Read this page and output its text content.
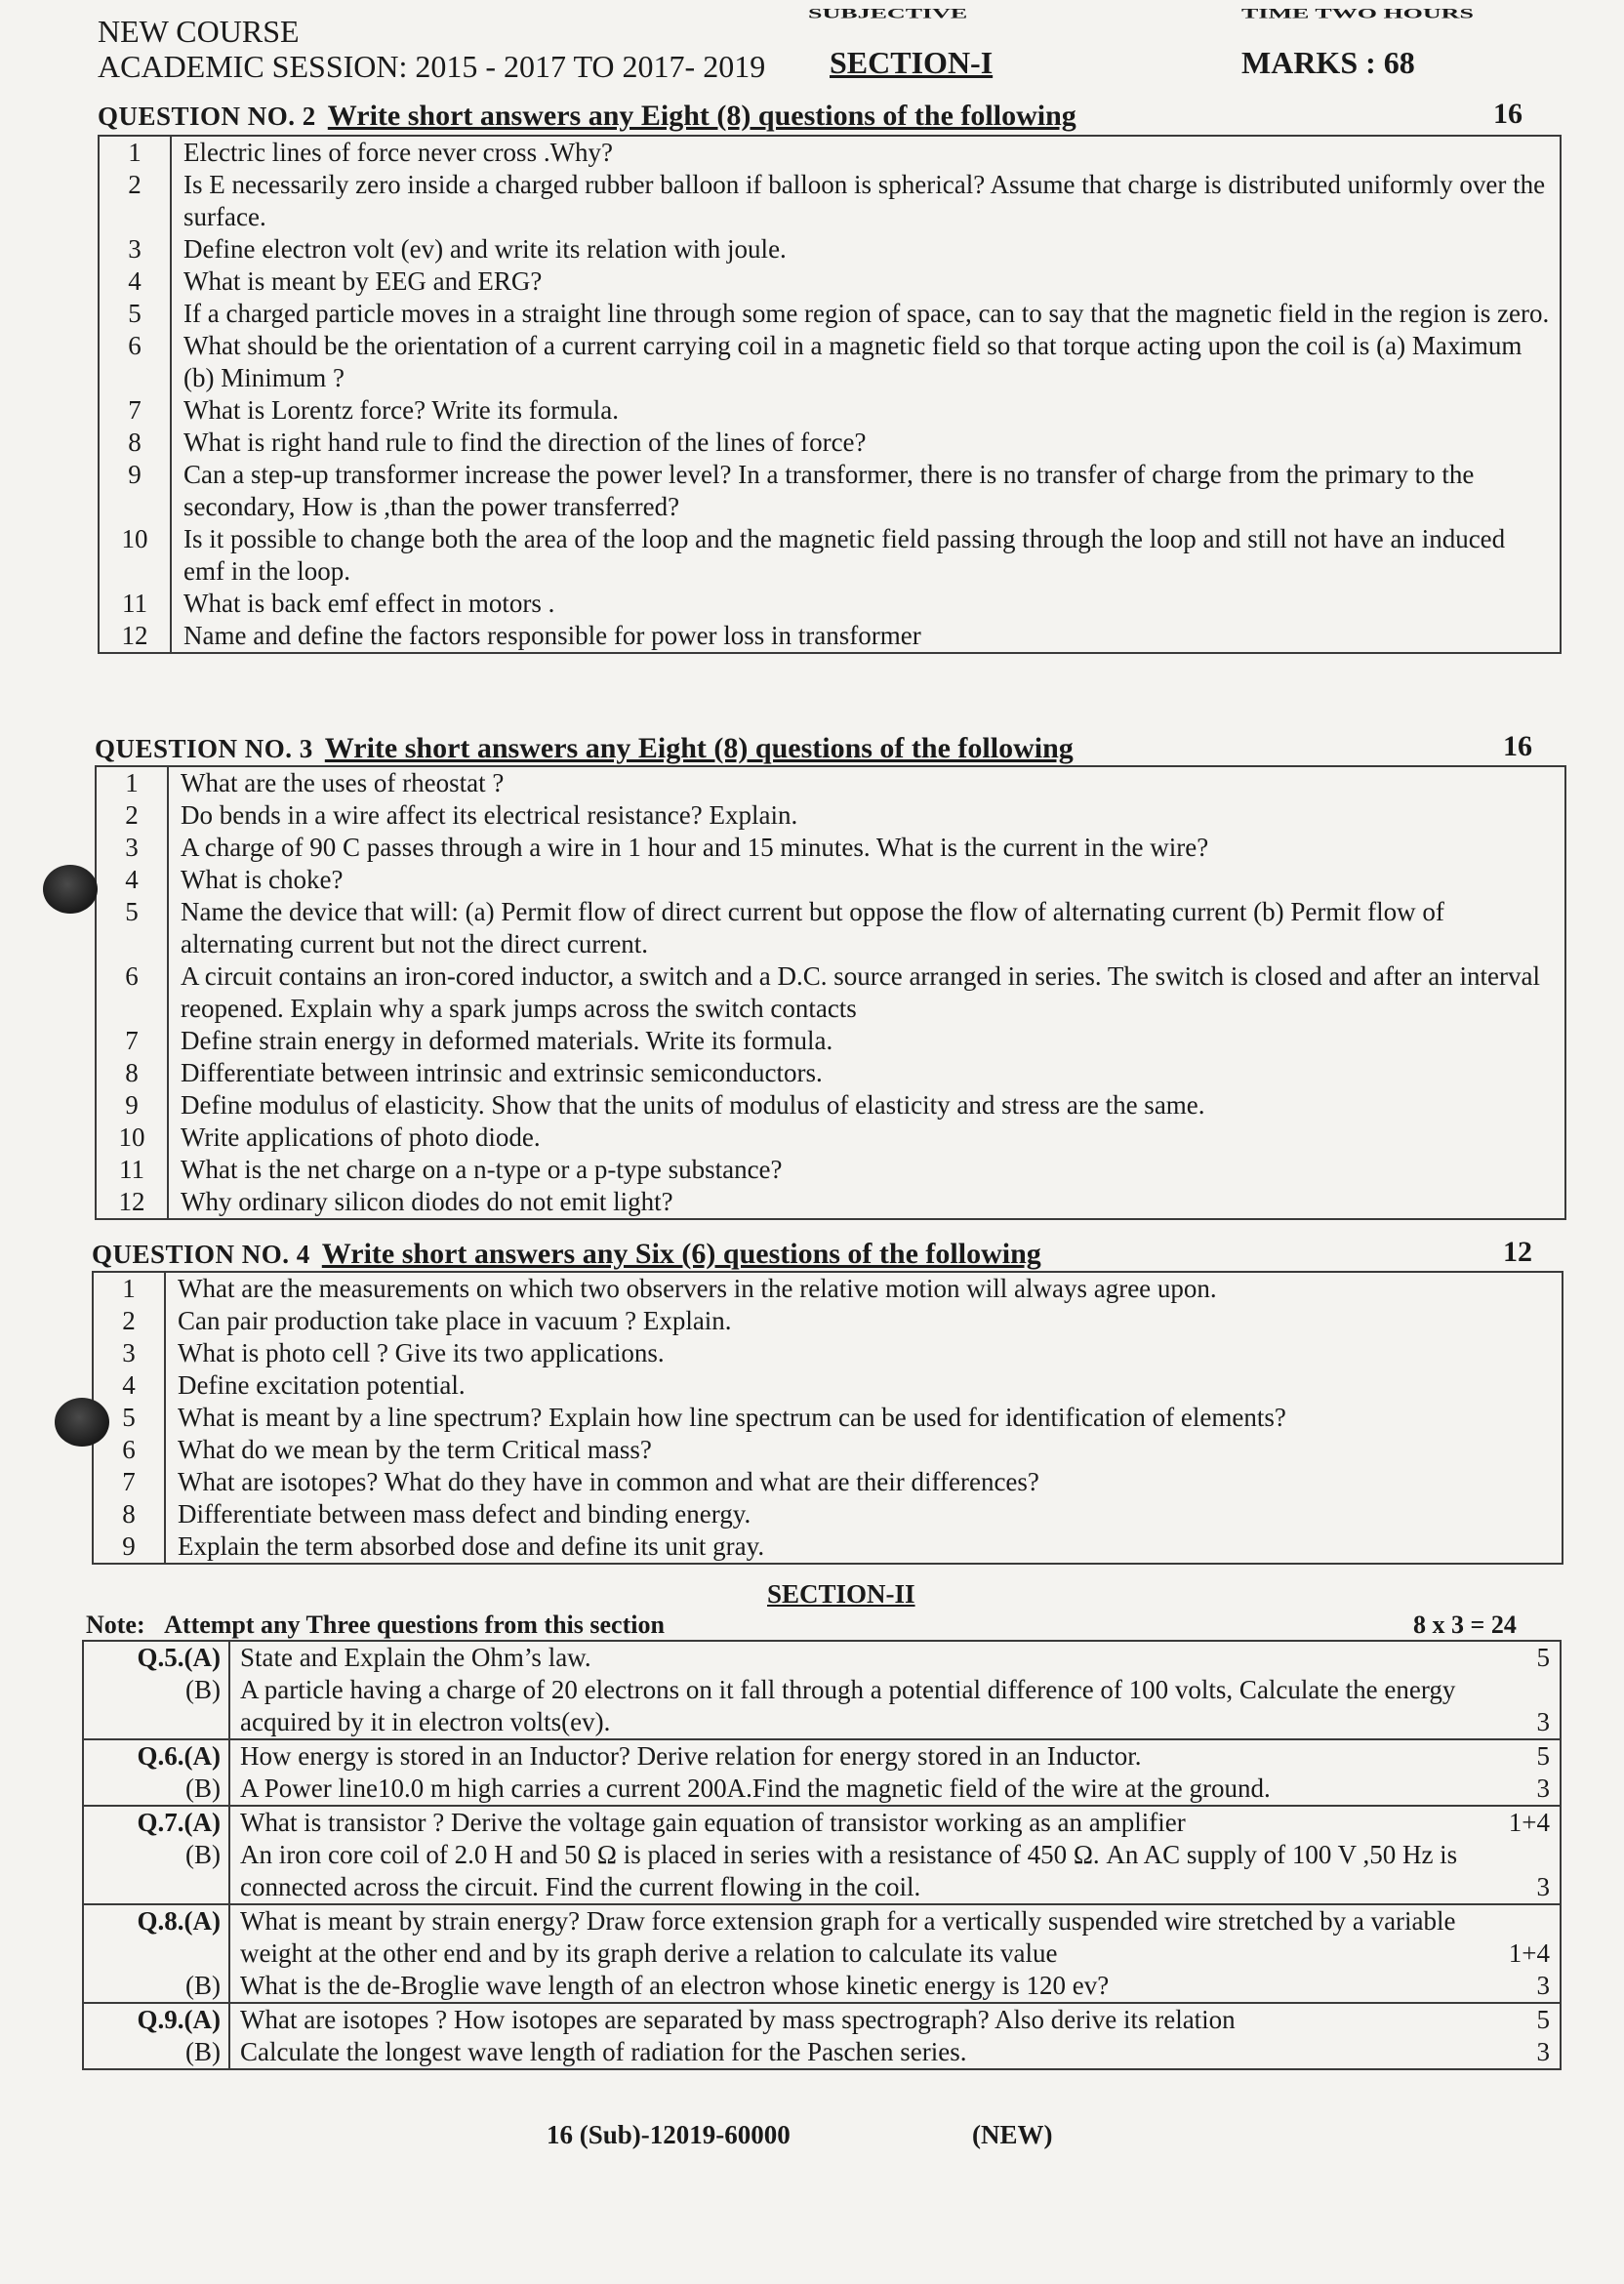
NEW COURSE
ACADEMIC SESSION: 2015 - 2017 TO 2017- 2019
SUBJECTIVE
SECTION-I
TIME TWO HOURS
MARKS : 68
QUESTION NO. 2 Write short answers any Eight (8) questions of the following	16
1	Electric lines of force never cross .Why?
2	Is E necessarily zero inside a charged rubber balloon if balloon is spherical? Assume that charge is distributed uniformly over the surface.
3	Define electron volt (ev) and write its relation with joule.
4	What is meant by EEG and ERG?
5	If a charged particle moves in a straight line through some region of space, can to say that the magnetic field in the region is zero.
6	What should be the orientation of a current carrying coil in a magnetic field so that torque acting upon the coil is (a) Maximum (b) Minimum ?
7	What is Lorentz force? Write its formula.
8	What is right hand rule to find the direction of the lines of force?
9	Can a step-up transformer increase the power level? In a transformer, there is no transfer of charge from the primary to the secondary, How is ,than the power transferred?
10	Is it possible to change both the area of the loop and the magnetic field passing through the loop and still not have an induced emf in the loop.
11	What is back emf effect in motors .
12	Name and define the factors responsible for power loss in transformer
QUESTION NO. 3 Write short answers any Eight (8) questions of the following	16
1	What are the uses of rheostat ?
2	Do bends in a wire affect its electrical resistance? Explain.
3	A charge of 90 C passes through a wire in 1 hour and 15 minutes. What is the current in the wire?
4	What is choke?
5	Name the device that will: (a) Permit flow of direct current but oppose the flow of alternating current (b) Permit flow of alternating current but not the direct current.
6	A circuit contains an iron-cored inductor, a switch and a D.C. source arranged in series. The switch is closed and after an interval reopened. Explain why a spark jumps across the switch contacts
7	Define strain energy in deformed materials. Write its formula.
8	Differentiate between intrinsic and extrinsic semiconductors.
9	Define modulus of elasticity. Show that the units of modulus of elasticity and stress are the same.
10	Write applications of photo diode.
11	What is the net charge on a n-type or a p-type substance?
12	Why ordinary silicon diodes do not emit light?
QUESTION NO. 4 Write short answers any Six (6) questions of the following	12
1	What are the measurements on which two observers in the relative motion will always agree upon.
2	Can pair production take place in vacuum ? Explain.
3	What is photo cell ? Give its two applications.
4	Define excitation potential.
5	What is meant by a line spectrum? Explain how line spectrum can be used for identification of elements?
6	What do we mean by the term Critical mass?
7	What are isotopes? What do they have in common and what are their differences?
8	Differentiate between mass defect and binding energy.
9	Explain the term absorbed dose and define its unit gray.
SECTION-II
Note: Attempt any Three questions from this section	8 x 3 = 24
Q.5.(A)	State and Explain the Ohm’s law.	5
(B)	A particle having a charge of 20 electrons on it fall through a potential difference of 100 volts, Calculate the energy acquired by it in electron volts(ev).	3
Q.6.(A)	How energy is stored in an Inductor? Derive relation for energy stored in an Inductor.	5
(B)	A Power line10.0 m high carries a current 200A.Find the magnetic field of the wire at the ground.	3
Q.7.(A)	What is transistor ? Derive the voltage gain equation of transistor working as an amplifier	1+4
(B)	An iron core coil of 2.0 H and 50 Ω is placed in series with a resistance of 450 Ω. An AC supply of 100 V ,50 Hz is connected across the circuit. Find the current flowing in the coil.	3
Q.8.(A)	What is meant by strain energy? Draw force extension graph for a vertically suspended wire stretched by a variable weight at the other end and by its graph derive a relation to calculate its value	1+4
(B)	What is the de-Broglie wave length of an electron whose kinetic energy is 120 ev?	3
Q.9.(A)	What are isotopes ? How isotopes are separated by mass spectrograph? Also derive its relation	5
(B)	Calculate the longest wave length of radiation for the Paschen series.	3
16 (Sub)-12019-60000	(NEW)
